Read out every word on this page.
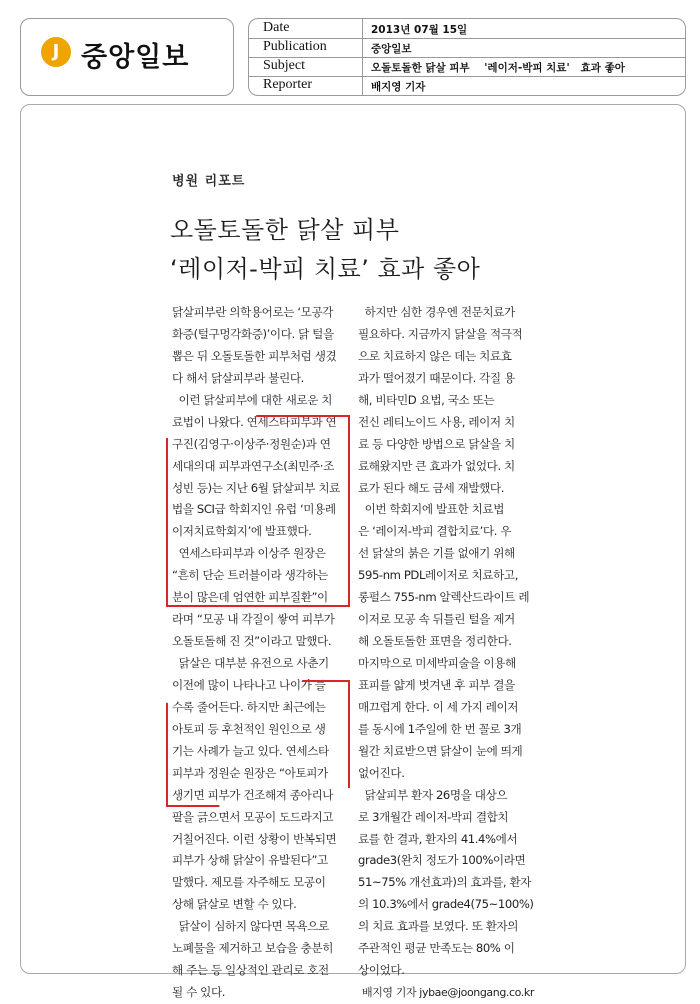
J 중앙일보
Date	2013년 07월 15일
Publication	중앙일보
Subject	오돌토돌한 닭살 피부    '레이저-박피 치료'   효과 좋아
Reporter	배지영 기자
병원 리포트
오돌토돌한 닭살 피부
‘레이저-박피 치료’ 효과 좋아
닭살피부란 의학용어로는 ‘모공각
화증(털구멍각화증)’이다. 닭 털을
뽑은 뒤 오돌토돌한 피부처럼 생겼
다 해서 닭살피부라 불린다.
이런 닭살피부에 대한 새로운 치
료법이 나왔다. 연세스타피부과 연
구진(김영구·이상주·정원순)과 연
세대의대 피부과연구소(최민주·조
성빈 등)는 지난 6월 닭살피부 치료
법을 SCI급 학회지인 유럽 ‘미용레
이저치료학회지’에 발표했다.
연세스타피부과 이상주 원장은
“흔히 단순 트러블이라 생각하는
분이 많은데 엄연한 피부질환”이
라며 “모공 내 각질이 쌓여 피부가
오돌토돌해 진 것”이라고 말했다.
닭살은 대부분 유전으로 사춘기
이전에 많이 나타나고 나이가 들
수록 줄어든다. 하지만 최근에는
아토피 등 후천적인 원인으로 생
기는 사례가 늘고 있다. 연세스타
피부과 정원순 원장은 “아토피가
생기면 피부가 건조해져 종아리나
팔을 긁으면서 모공이 도드라지고
거칠어진다. 이런 상황이 반복되면
피부가 상해 닭살이 유발된다”고
말했다. 제모를 자주해도 모공이
상해 닭살로 변할 수 있다.
닭살이 심하지 않다면 목욕으로
노폐물을 제거하고 보습을 충분히
해 주는 등 일상적인 관리로 호전
될 수 있다.
하지만 심한 경우엔 전문치료가
필요하다. 지금까지 닭살을 적극적
으로 치료하지 않은 데는 치료효
과가 떨어졌기 때문이다. 각질 용
해, 비타민D 요법, 국소 또는
전신 레티노이드 사용, 레이저 치
료 등 다양한 방법으로 닭살을 치
료해왔지만 큰 효과가 없었다. 치
료가 된다 해도 금세 재발했다.
이번 학회지에 발표한 치료법
은 ‘레이저-박피 결합치료’다. 우
선 닭살의 붉은 기를 없애기 위해
595-nm PDL레이저로 치료하고,
롱펄스 755-nm 알렉산드라이트 레
이저로 모공 속 뒤틀린 털을 제거
해 오돌토돌한 표면을 정리한다.
마지막으로 미세박피술을 이용해
표피를 얇게 벗겨낸 후 피부 결을
매끄럽게 한다. 이 세 가지 레이저
를 동시에 1주일에 한 번 꼴로 3개
월간 치료받으면 닭살이 눈에 띄게
없어진다.
닭살피부 환자 26명을 대상으
로 3개월간 레이저-박피 결합치
료를 한 결과, 환자의 41.4%에서
grade3(완치 정도가 100%이라면
51~75% 개선효과)의 효과를, 환자
의 10.3%에서 grade4(75~100%)
의 치료 효과를 보였다. 또 환자의
주관적인 평균 만족도는 80% 이
상이었다.
배지영 기자 jybae@joongang.co.kr
